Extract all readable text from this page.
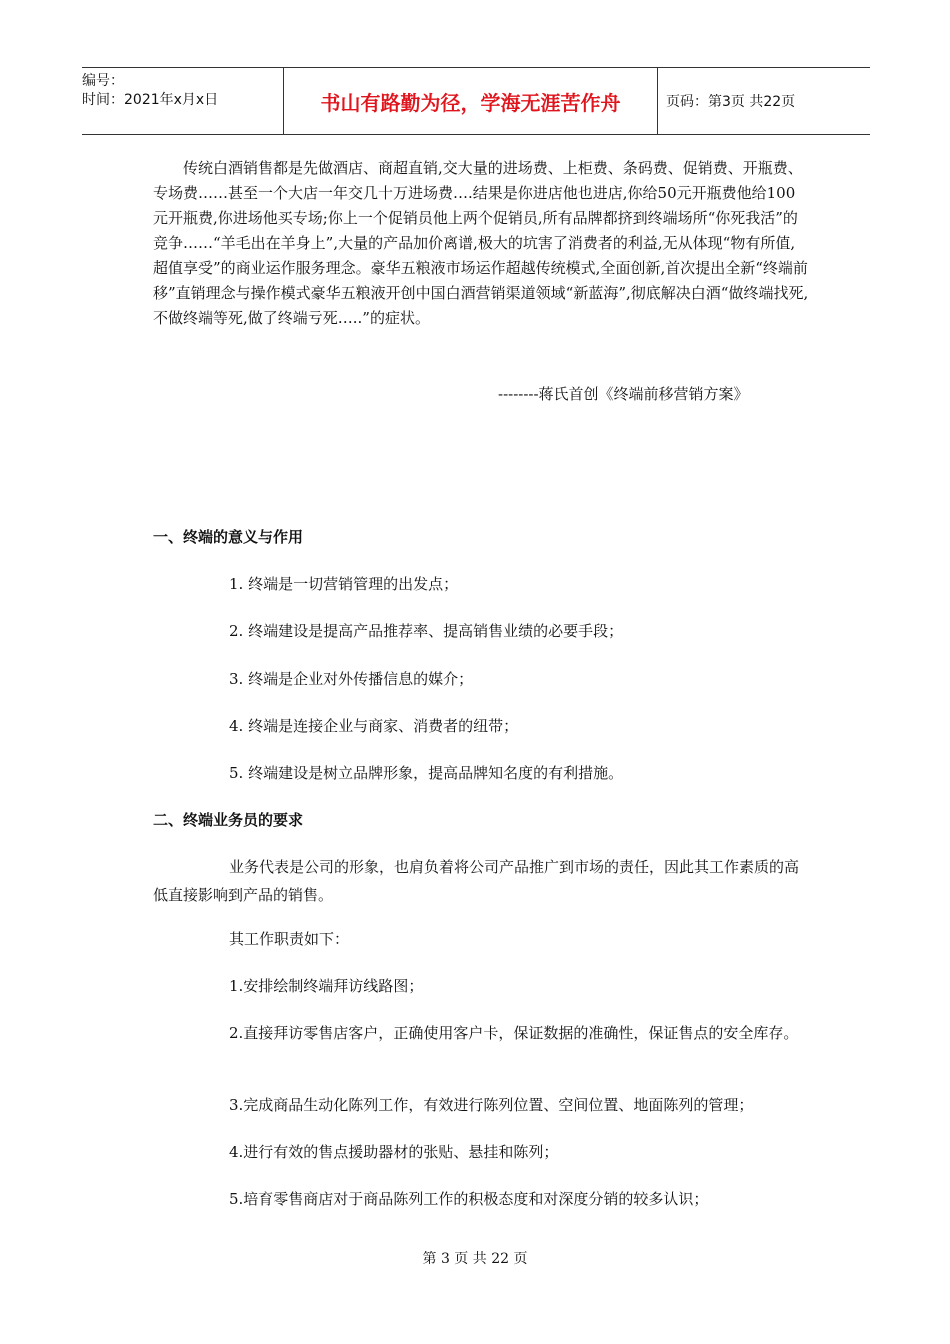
编号：
时间：2021年x月x日	书山有路勤为径，学海无涯苦作舟	页码：第3页 共22页

传统白酒销售都是先做酒店、商超直销,交大量的进场费、上柜费、条码费、促销费、开瓶费、专场费……甚至一个大店一年交几十万进场费….结果是你进店他也进店,你给50元开瓶费他给100元开瓶费,你进场他买专场;你上一个促销员他上两个促销员,所有品牌都挤到终端场所“你死我活”的竞争……“羊毛出在羊身上”,大量的产品加价离谱,极大的坑害了消费者的利益,无从体现“物有所值,超值享受”的商业运作服务理念。豪华五粮液市场运作超越传统模式,全面创新,首次提出全新“终端前移”直销理念与操作模式豪华五粮液开创中国白酒营销渠道领域“新蓝海”,彻底解决白酒“做终端找死,不做终端等死,做了终端亏死…..”的症状。

--------蒋氏首创《终端前移营销方案》
一、终端的意义与作用
1. 终端是一切营销管理的出发点；
2. 终端建设是提高产品推荐率、提高销售业绩的必要手段；
3. 终端是企业对外传播信息的媒介；
4. 终端是连接企业与商家、消费者的纽带；
5. 终端建设是树立品牌形象，提高品牌知名度的有利措施。
二、终端业务员的要求

业务代表是公司的形象，也肩负着将公司产品推广到市场的责任，因此其工作素质的高低直接影响到产品的销售。

其工作职责如下：
1.安排绘制终端拜访线路图；

2.直接拜访零售店客户，正确使用客户卡，保证数据的准确性，保证售点的安全库存。

3.完成商品生动化陈列工作，有效进行陈列位置、空间位置、地面陈列的管理；
4.进行有效的售点援助器材的张贴、悬挂和陈列；
5.培育零售商店对于商品陈列工作的积极态度和对深度分销的较多认识；
第 3 页 共 22 页
